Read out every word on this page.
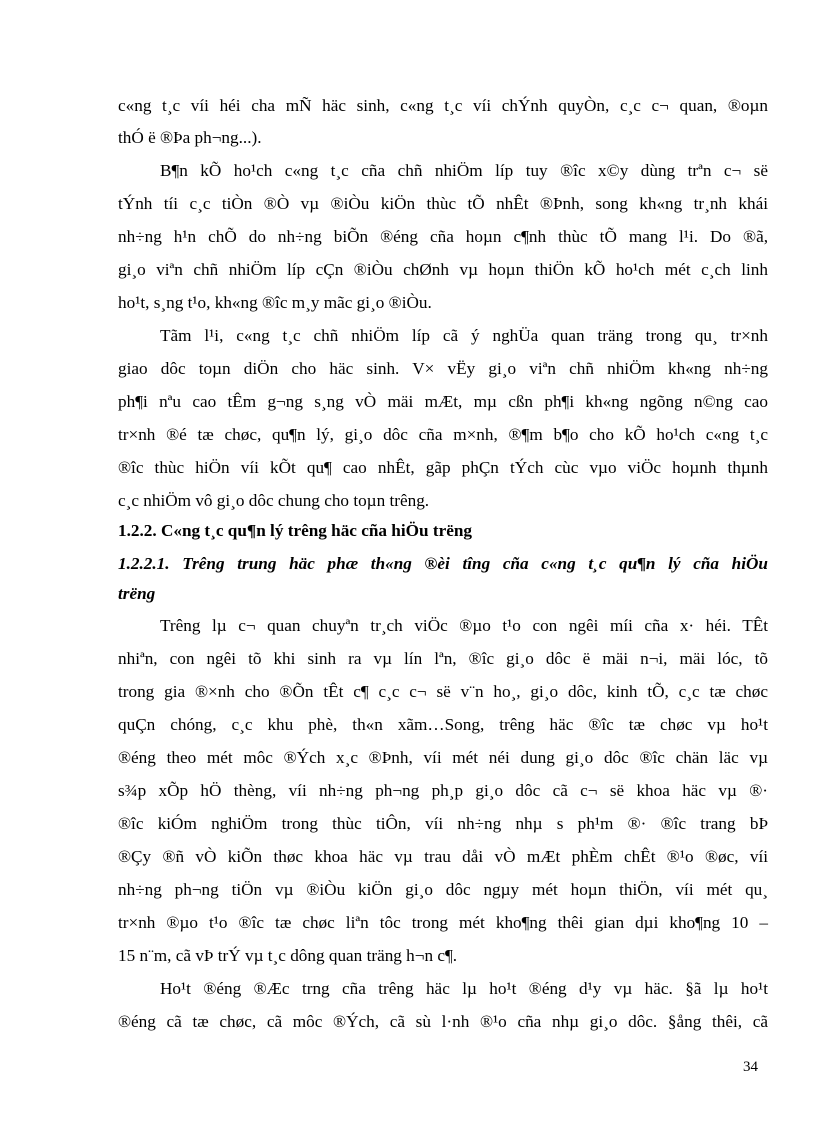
c«ng t¸c víi héi cha mÑ häc sinh, c«ng t¸c víi chÝnh quyÒn, c¸c c¬ quan, ®oµn
thÓ ë ®Þa ph¬ng...).
B¶n kÕ ho¹ch c«ng t¸c cña chñ nhiÖm líp tuy ®îc x©y dùng trªn c¬ së
tÝnh tíi c¸c tiÒn ®Ò vµ ®iÒu kiÖn thùc tÕ nhÊt ®Þnh, song kh«ng tr¸nh khái
nh÷ng h¹n chÕ do nh÷ng biÕn ®éng cña hoµn c¶nh thùc tÕ mang l¹i. Do ®ã,
gi¸o viªn chñ nhiÖm líp cÇn ®iÒu chØnh vµ hoµn thiÖn kÕ ho¹ch mét c¸ch linh
ho¹t, s¸ng t¹o, kh«ng ®îc m¸y mãc gi¸o ®iÒu.
Tãm l¹i, c«ng t¸c chñ nhiÖm líp cã ý nghÜa quan träng trong qu¸ tr×nh
giao dôc toµn diÖn cho häc sinh. V× vËy gi¸o viªn chñ nhiÖm kh«ng nh÷ng
ph¶i nªu cao tÊm g¬ng s¸ng vÒ mäi mÆt, mµ cßn ph¶i kh«ng ngõng n©ng cao
tr×nh ®é tæ chøc, qu¶n lý, gi¸o dôc cña m×nh, ®¶m b¶o cho kÕ ho¹ch c«ng t¸c
®îc thùc hiÖn víi kÕt qu¶ cao nhÊt, gãp phÇn tÝch cùc vµo viÖc hoµnh thµnh
c¸c nhiÖm vô gi¸o dôc chung cho toµn trêng.
1.2.2. C«ng t¸c qu¶n lý trêng häc cña hiÖu trëng
1.2.2.1. Trêng trung häc phæ th«ng ®èi tîng cña c«ng t¸c qu¶n lý cña hiÖu
trëng
Trêng lµ c¬ quan chuyªn tr¸ch viÖc ®µo t¹o con ngêi míi cña x· héi. TÊt
nhiªn, con ngêi tõ khi sinh ra vµ lín lªn, ®îc gi¸o dôc ë mäi n¬i, mäi lóc, tõ
trong gia ®×nh cho ®Õn tÊt c¶ c¸c c¬ së v¨n ho¸, gi¸o dôc, kinh tÕ, c¸c tæ chøc
quÇn chóng, c¸c khu phè, th«n xãm…Song, trêng häc ®îc tæ chøc vµ ho¹t
®éng theo mét môc ®Ých x¸c ®Þnh, víi mét néi dung gi¸o dôc ®îc chän läc vµ
s¾p xÕp hÖ thèng, víi nh÷ng ph¬ng ph¸p gi¸o dôc cã c¬ së khoa häc vµ ®·
®îc kiÓm nghiÖm trong thùc tiÔn, víi nh÷ng nhµ s ph¹m ®· ®îc trang bÞ
®Çy ®ñ vÒ kiÕn thøc khoa häc vµ trau dåi vÒ mÆt phÈm chÊt ®¹o ®øc, víi
nh÷ng ph¬ng tiÖn vµ ®iÒu kiÖn gi¸o dôc ngµy mét hoµn thiÖn, víi mét qu¸
tr×nh ®µo t¹o ®îc tæ chøc liªn tôc trong mét kho¶ng thêi gian dµi kho¶ng 10 –
15 n¨m, cã vÞ trÝ vµ t¸c dông quan träng h¬n c¶.
Ho¹t ®éng ®Æc trng cña trêng häc lµ ho¹t ®éng d¹y vµ häc. §ã lµ ho¹t
®éng cã tæ chøc, cã môc ®Ých, cã sù l·nh ®¹o cña nhµ gi¸o dôc. §ång thêi, cã
34
